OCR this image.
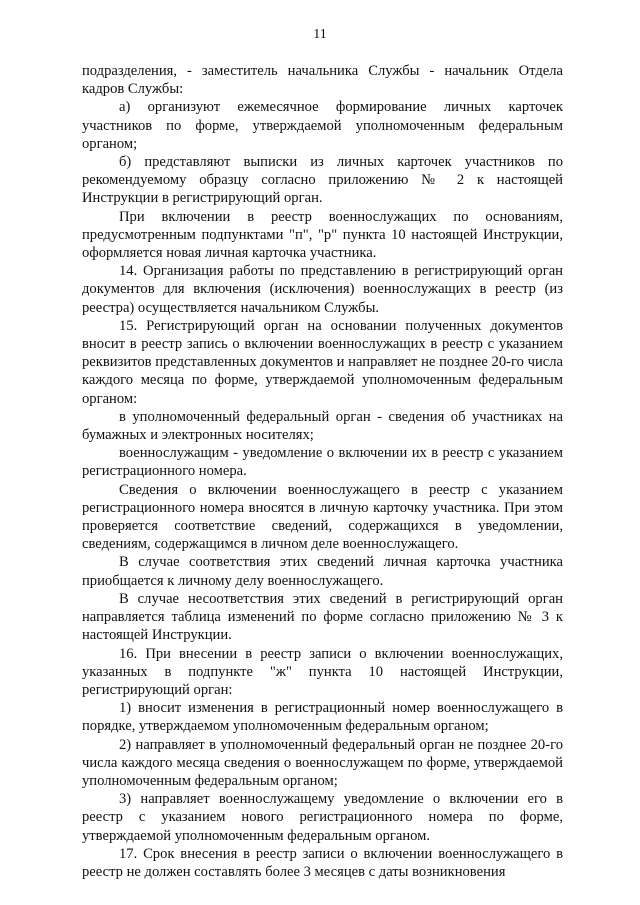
11

подразделения, - заместитель начальника Службы - начальник Отдела кадров Службы:

а) организуют ежемесячное формирование личных карточек участников по форме, утверждаемой уполномоченным федеральным органом;

б) представляют выписки из личных карточек участников по рекомендуемому образцу согласно приложению № 2 к настоящей Инструкции в регистрирующий орган.

При включении в реестр военнослужащих по основаниям, предусмотренным подпунктами "п", "р" пункта 10 настоящей Инструкции, оформляется новая личная карточка участника.

14. Организация работы по представлению в регистрирующий орган документов для включения (исключения) военнослужащих в реестр (из реестра) осуществляется начальником Службы.

15. Регистрирующий орган на основании полученных документов вносит в реестр запись о включении военнослужащих в реестр с указанием реквизитов представленных документов и направляет не позднее 20-го числа каждого месяца по форме, утверждаемой уполномоченным федеральным органом:

в уполномоченный федеральный орган - сведения об участниках на бумажных и электронных носителях;

военнослужащим - уведомление о включении их в реестр с указанием регистрационного номера.

Сведения о включении военнослужащего в реестр с указанием регистрационного номера вносятся в личную карточку участника. При этом проверяется соответствие сведений, содержащихся в уведомлении, сведениям, содержащимся в личном деле военнослужащего.

В случае соответствия этих сведений личная карточка участника приобщается к личному делу военнослужащего.

В случае несоответствия этих сведений в регистрирующий орган направляется таблица изменений по форме согласно приложению № 3 к настоящей Инструкции.

16. При внесении в реестр записи о включении военнослужащих, указанных в подпункте "ж" пункта 10 настоящей Инструкции, регистрирующий орган:

1) вносит изменения в регистрационный номер военнослужащего в порядке, утверждаемом уполномоченным федеральным органом;

2) направляет в уполномоченный федеральный орган не позднее 20-го числа каждого месяца сведения о военнослужащем по форме, утверждаемой уполномоченным федеральным органом;

3) направляет военнослужащему уведомление о включении его в реестр с указанием нового регистрационного номера по форме, утверждаемой уполномоченным федеральным органом.

17. Срок внесения в реестр записи о включении военнослужащего в реестр не должен составлять более 3 месяцев с даты возникновения
